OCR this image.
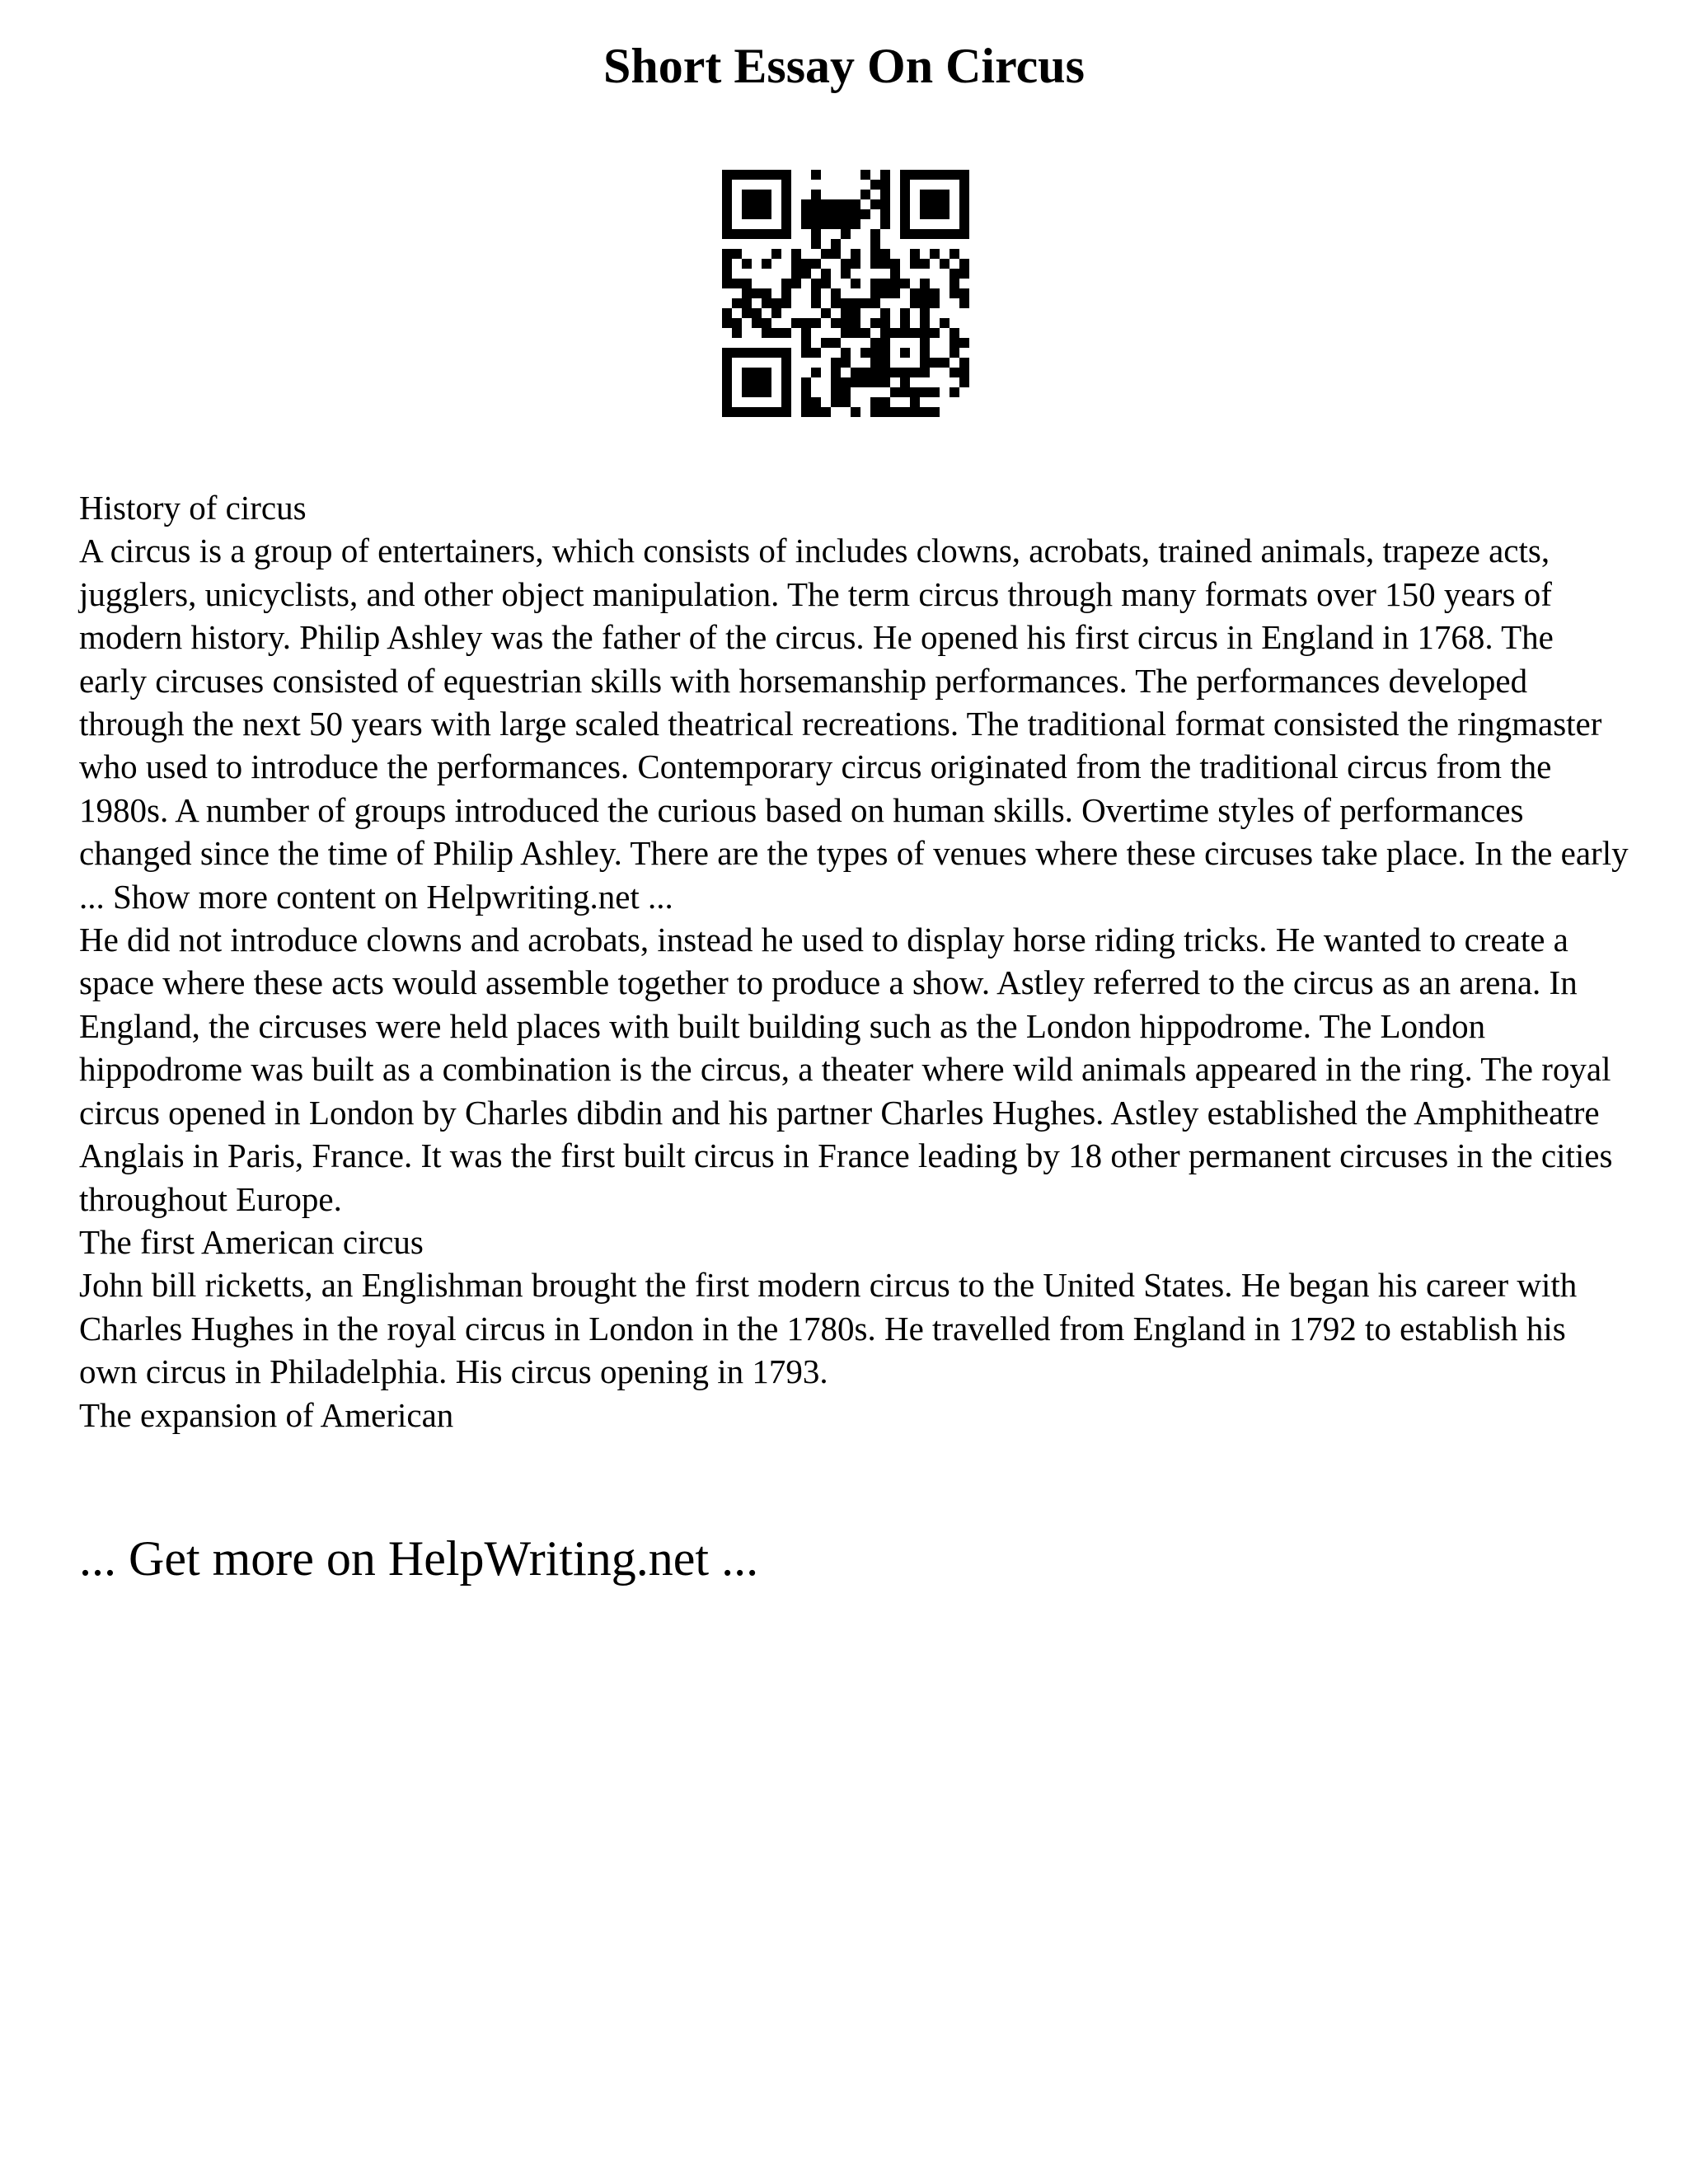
Short Essay On Circus

History of circus

A circus is a group of entertainers, which consists of includes clowns, acrobats, trained animals, trapeze acts, jugglers, unicyclists, and other object manipulation. The term circus through many formats over 150 years of modern history. Philip Ashley was the father of the circus. He opened his first circus in England in 1768. The early circuses consisted of equestrian skills with horsemanship performances. The performances developed through the next 50 years with large scaled theatrical recreations. The traditional format consisted the ringmaster who used to introduce the performances. Contemporary circus originated from the traditional circus from the 1980s. A number of groups introduced the curious based on human skills. Overtime styles of performances changed since the time of Philip Ashley. There are the types of venues where these circuses take place. In the early ... Show more content on Helpwriting.net ...

He did not introduce clowns and acrobats, instead he used to display horse riding tricks. He wanted to create a space where these acts would assemble together to produce a show. Astley referred to the circus as an arena. In England, the circuses were held places with built building such as the London hippodrome. The London hippodrome was built as a combination is the circus, a theater where wild animals appeared in the ring. The royal circus opened in London by Charles dibdin and his partner Charles Hughes. Astley established the Amphitheatre Anglais in Paris, France. It was the first built circus in France leading by 18 other permanent circuses in the cities throughout Europe.

The first American circus

John bill ricketts, an Englishman brought the first modern circus to the United States. He began his career with Charles Hughes in the royal circus in London in the 1780s. He travelled from England in 1792 to establish his own circus in Philadelphia. His circus opening in 1793.

The expansion of American

... Get more on HelpWriting.net ...
